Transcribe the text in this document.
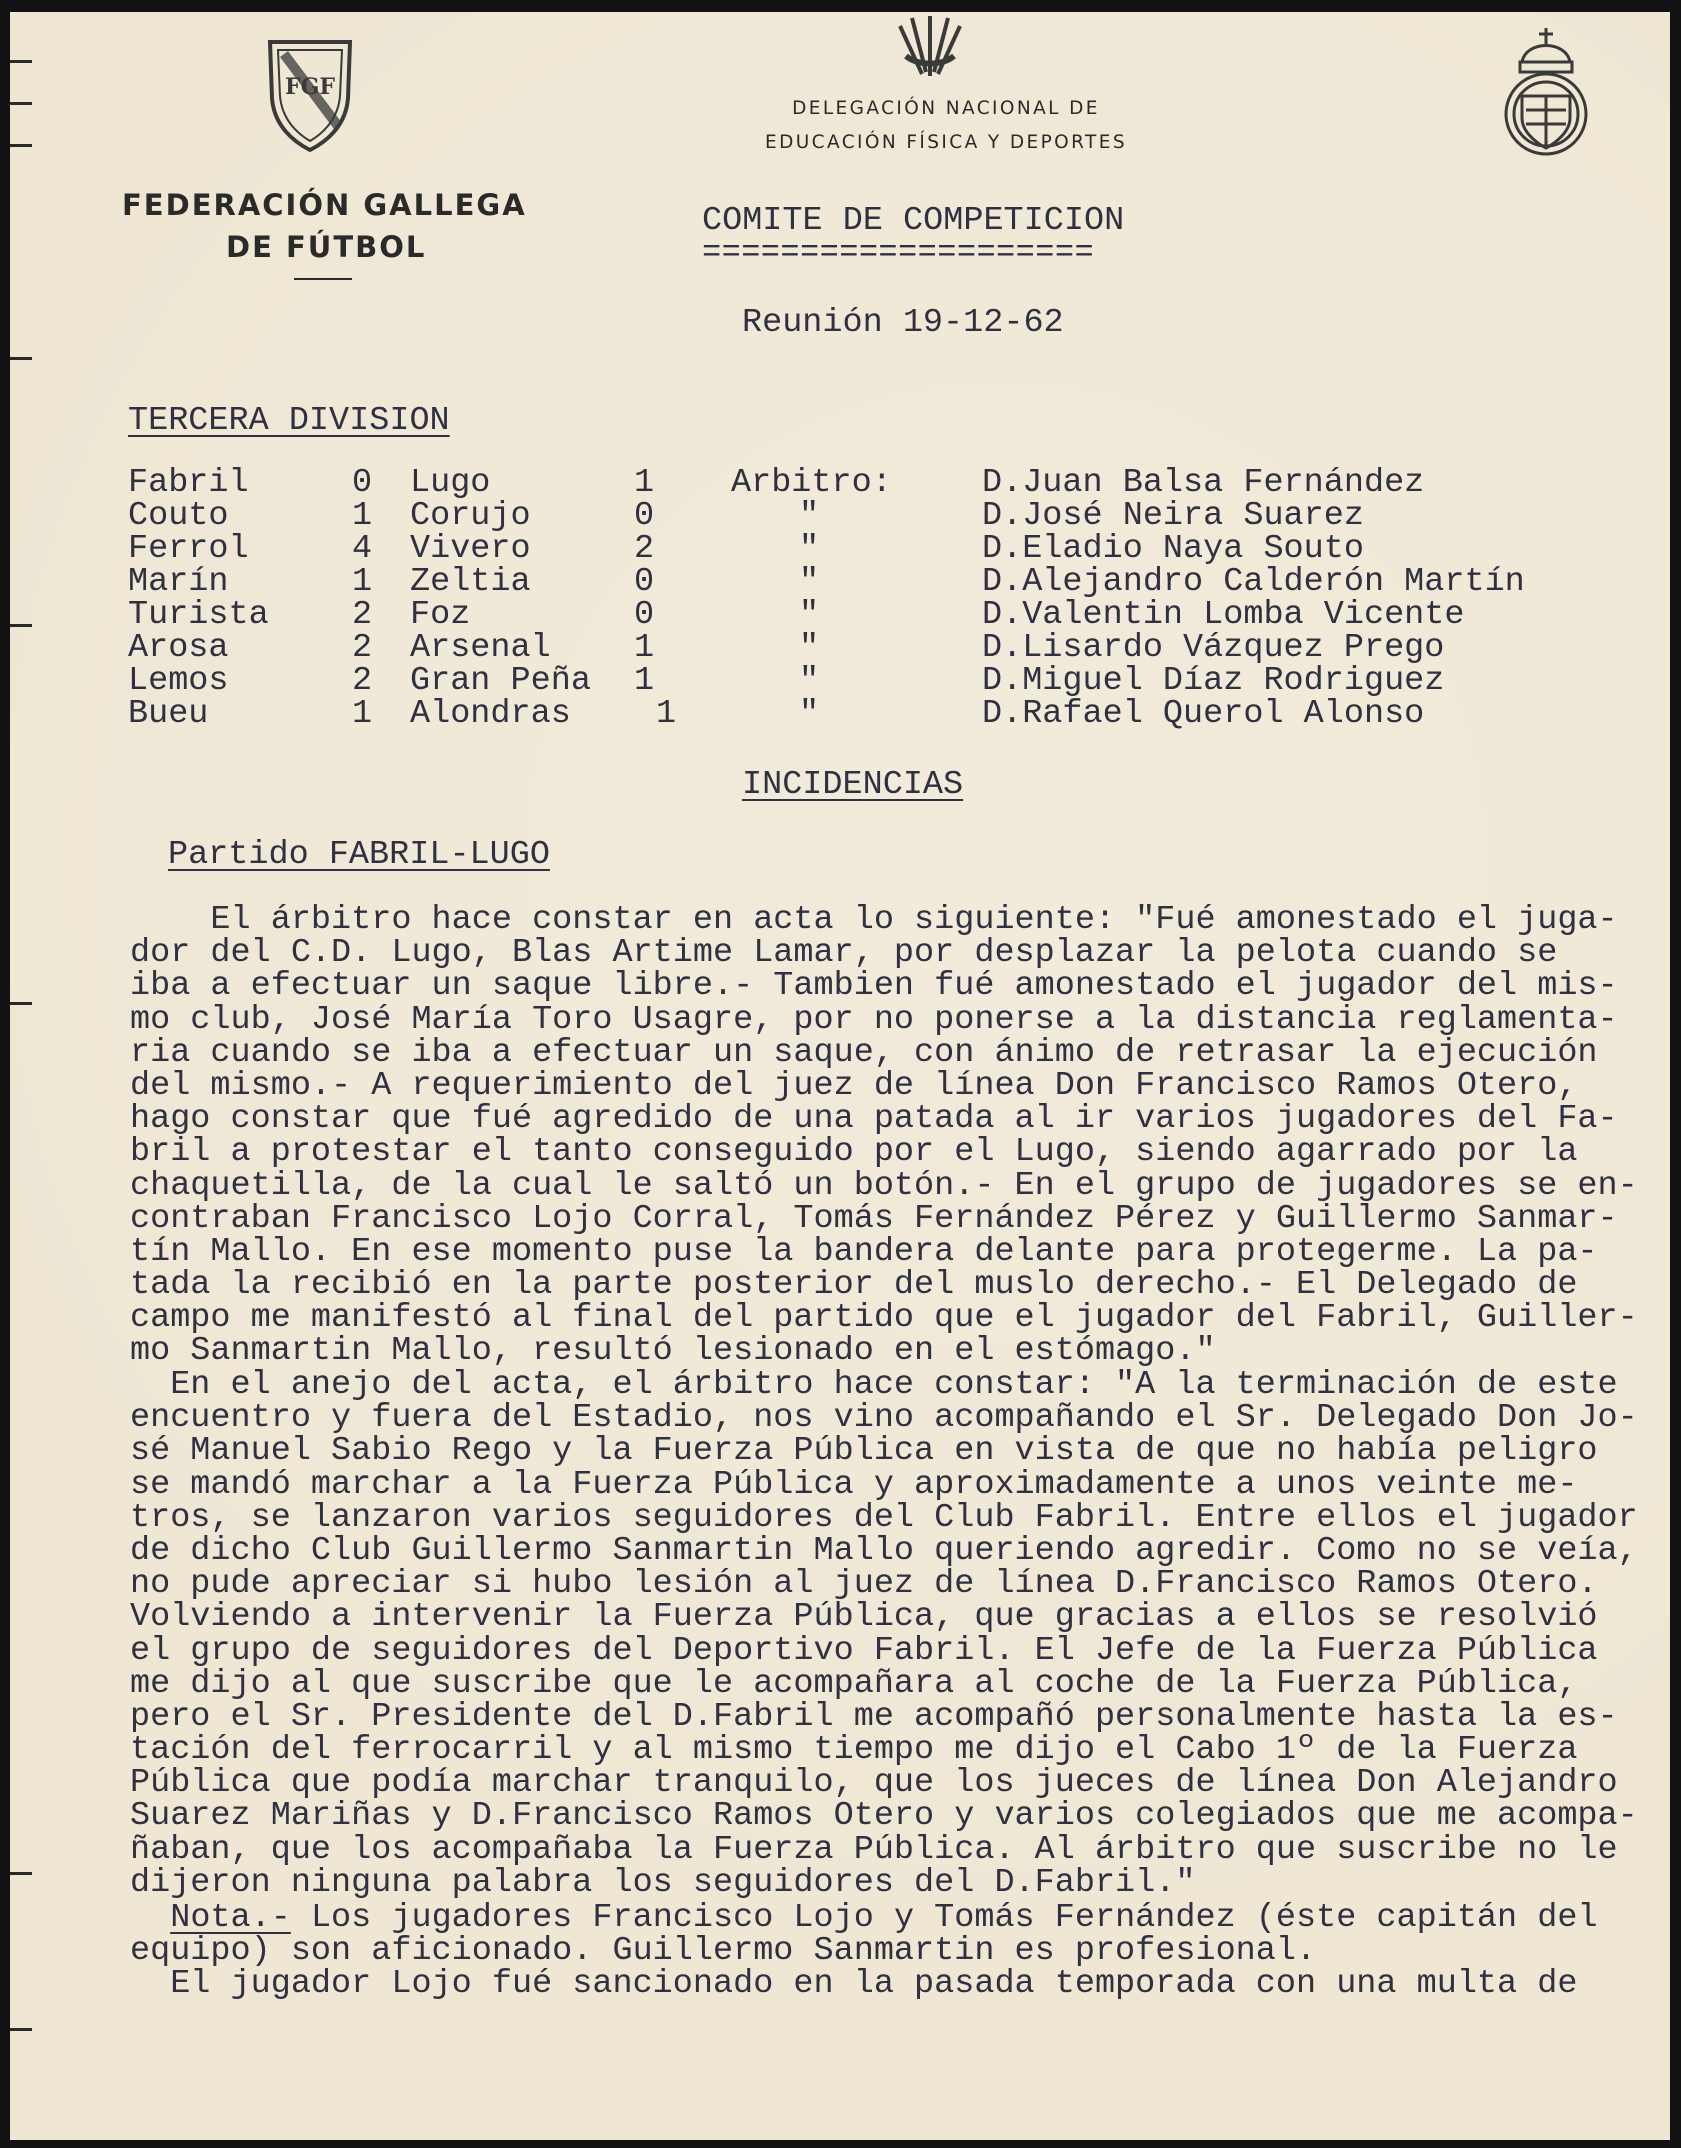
FGF
FEDERACIÓN GALLEGA
DE FÚTBOL
DELEGACIÓN NACIONAL DE
EDUCACIÓN FÍSICA Y DEPORTES
COMITE DE COMPETICION
====================
Reunión 19-12-62
TERCERA DIVISION
Fabril	0	Lugo	1	Arbitro:	D.Juan Balsa Fernández
Couto	1	Corujo	0	"	D.José Neira Suarez
Ferrol	4	Vivero	2	"	D.Eladio Naya Souto
Marín	1	Zeltia	0	"	D.Alejandro Calderón Martín
Turista	2	Foz	0	"	D.Valentin Lomba Vicente
Arosa	2	Arsenal	1	"	D.Lisardo Vázquez Prego
Lemos	2	Gran Peña	1	"	D.Miguel Díaz Rodriguez
Bueu	1	Alondras	1	"	D.Rafael Querol Alonso
INCIDENCIAS
Partido FABRIL-LUGO
El árbitro hace constar en acta lo siguiente: "Fué amonestado el juga-
dor del C.D. Lugo, Blas Artime Lamar, por desplazar la pelota cuando se
iba a efectuar un saque libre.- Tambien fué amonestado el jugador del mis-
mo club, José María Toro Usagre, por no ponerse a la distancia reglamenta-
ria cuando se iba a efectuar un saque, con ánimo de retrasar la ejecución
del mismo.- A requerimiento del juez de línea Don Francisco Ramos Otero,
hago constar que fué agredido de una patada al ir varios jugadores del Fa-
bril a protestar el tanto conseguido por el Lugo, siendo agarrado por la
chaquetilla, de la cual le saltó un botón.- En el grupo de jugadores se en-
contraban Francisco Lojo Corral, Tomás Fernández Pérez y Guillermo Sanmar-
tín Mallo. En ese momento puse la bandera delante para protegerme. La pa-
tada la recibió en la parte posterior del muslo derecho.- El Delegado de
campo me manifestó al final del partido que el jugador del Fabril, Guiller-
mo Sanmartin Mallo, resultó lesionado en el estómago."
En el anejo del acta, el árbitro hace constar: "A la terminación de este
encuentro y fuera del Estadio, nos vino acompañando el Sr. Delegado Don Jo-
sé Manuel Sabio Rego y la Fuerza Pública en vista de que no había peligro
se mandó marchar a la Fuerza Pública y aproximadamente a unos veinte me-
tros, se lanzaron varios seguidores del Club Fabril. Entre ellos el jugador
de dicho Club Guillermo Sanmartin Mallo queriendo agredir. Como no se veía,
no pude apreciar si hubo lesión al juez de línea D.Francisco Ramos Otero.
Volviendo a intervenir la Fuerza Pública, que gracias a ellos se resolvió
el grupo de seguidores del Deportivo Fabril. El Jefe de la Fuerza Pública
me dijo al que suscribe que le acompañara al coche de la Fuerza Pública,
pero el Sr. Presidente del D.Fabril me acompañó personalmente hasta la es-
tación del ferrocarril y al mismo tiempo me dijo el Cabo 1º de la Fuerza
Pública que podía marchar tranquilo, que los jueces de línea Don Alejandro
Suarez Mariñas y D.Francisco Ramos Otero y varios colegiados que me acompa-
ñaban, que los acompañaba la Fuerza Pública. Al árbitro que suscribe no le
dijeron ninguna palabra los seguidores del D.Fabril."
Nota.- Los jugadores Francisco Lojo y Tomás Fernández (éste capitán del
equipo) son aficionado. Guillermo Sanmartin es profesional.
El jugador Lojo fué sancionado en la pasada temporada con una multa de
